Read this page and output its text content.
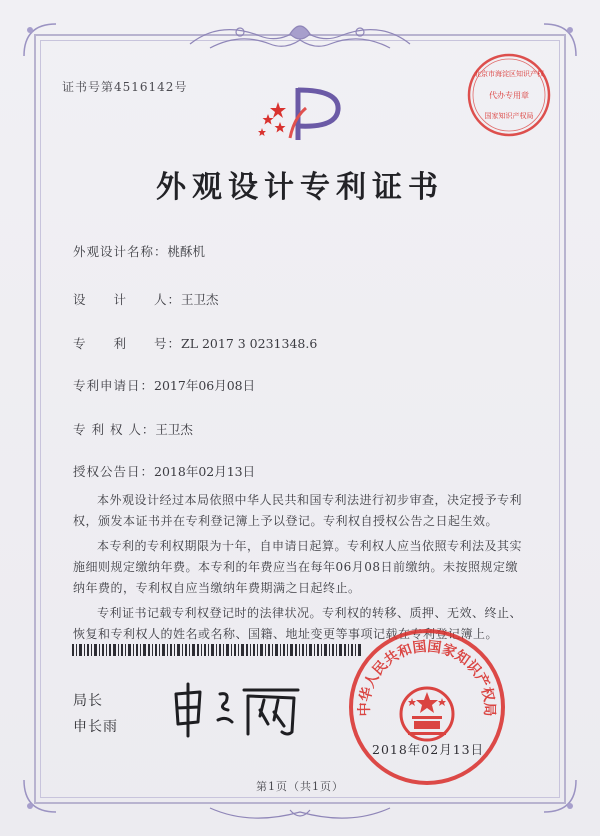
证书号第4516142号
北京市海淀区知识产权
代办专用章
国家知识产权局
外观设计专利证书
外观设计名称：桃酥机
设　　计　　人：王卫杰
专　　利　　号：ZL 2017 3 0231348.6
专利申请日：2017年06月08日
专 利 权 人：王卫杰
授权公告日：2018年02月13日

本外观设计经过本局依照中华人民共和国专利法进行初步审查，决定授予专利权，颁发本证书并在专利登记簿上予以登记。专利权自授权公告之日起生效。

本专利的专利权期限为十年，自申请日起算。专利权人应当依照专利法及其实施细则规定缴纳年费。本专利的年费应当在每年06月08日前缴纳。未按照规定缴纳年费的，专利权自应当缴纳年费期满之日起终止。

专利证书记载专利权登记时的法律状况。专利权的转移、质押、无效、终止、恢复和专利权人的姓名或名称、国籍、地址变更等事项记载在专利登记簿上。

局长
申长雨
中华人民共和国国家知识产权局
2018年02月13日
第1页（共1页）
